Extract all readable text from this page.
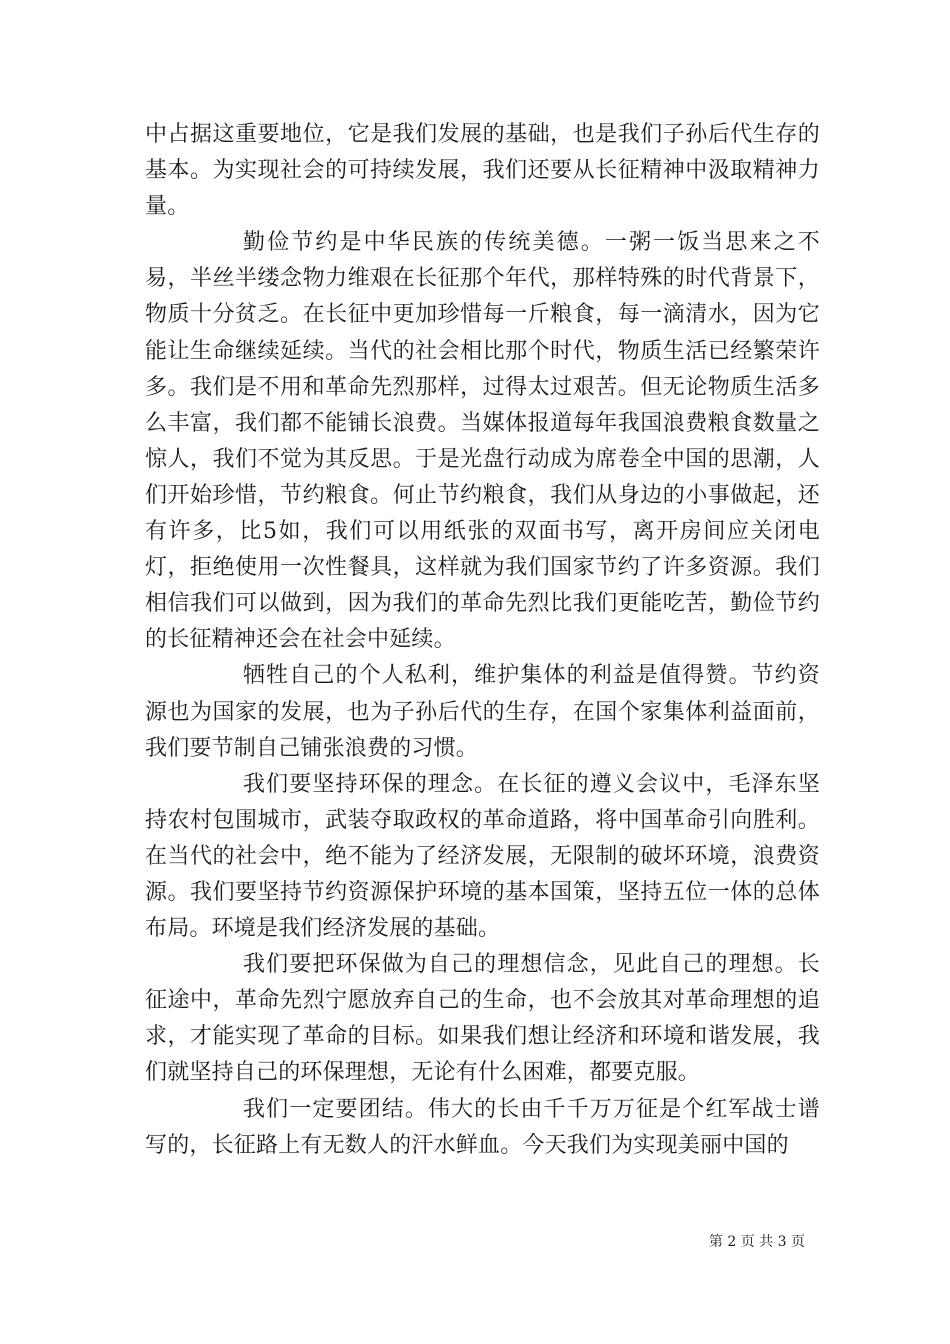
中占据这重要地位，它是我们发展的基础，也是我们子孙后代生存的基本。为实现社会的可持续发展，我们还要从长征精神中汲取精神力量。

勤俭节约是中华民族的传统美德。一粥一饭当思来之不易，半丝半缕念物力维艰在长征那个年代，那样特殊的时代背景下，物质十分贫乏。在长征中更加珍惜每一斤粮食，每一滴清水，因为它能让生命继续延续。当代的社会相比那个时代，物质生活已经繁荣许多。我们是不用和革命先烈那样，过得太过艰苦。但无论物质生活多么丰富，我们都不能铺长浪费。当媒体报道每年我国浪费粮食数量之惊人，我们不觉为其反思。于是光盘行动成为席卷全中国的思潮，人们开始珍惜，节约粮食。何止节约粮食，我们从身边的小事做起，还有许多，比5如，我们可以用纸张的双面书写，离开房间应关闭电灯，拒绝使用一次性餐具，这样就为我们国家节约了许多资源。我们相信我们可以做到，因为我们的革命先烈比我们更能吃苦，勤俭节约的长征精神还会在社会中延续。

牺牲自己的个人私利，维护集体的利益是值得赞。节约资源也为国家的发展，也为子孙后代的生存，在国个家集体利益面前，我们要节制自己铺张浪费的习惯。

我们要坚持环保的理念。在长征的遵义会议中，毛泽东坚持农村包围城市，武装夺取政权的革命道路，将中国革命引向胜利。在当代的社会中，绝不能为了经济发展，无限制的破坏环境，浪费资源。我们要坚持节约资源保护环境的基本国策，坚持五位一体的总体布局。环境是我们经济发展的基础。

我们要把环保做为自己的理想信念，见此自己的理想。长征途中，革命先烈宁愿放弃自己的生命，也不会放其对革命理想的追求，才能实现了革命的目标。如果我们想让经济和环境和谐发展，我们就坚持自己的环保理想，无论有什么困难，都要克服。

我们一定要团结。伟大的长由千千万万征是个红军战士谱写的，长征路上有无数人的汗水鲜血。今天我们为实现美丽中国的

第 2 页 共 3 页
